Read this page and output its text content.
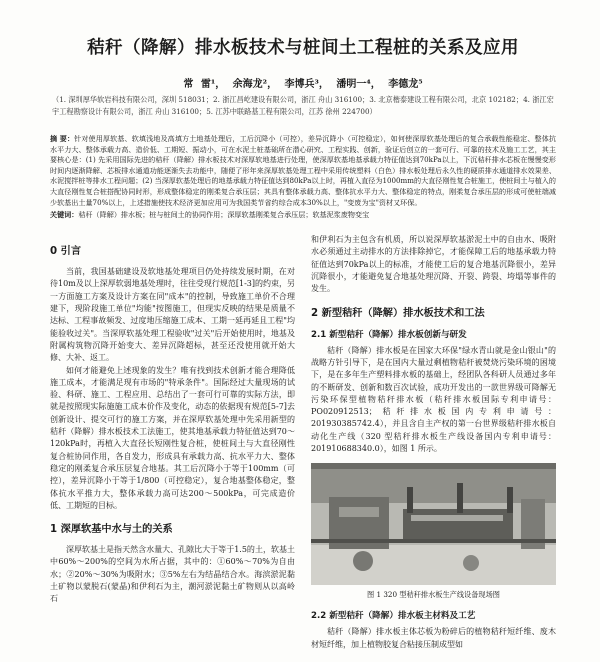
秸秆（降解）排水板技术与桩间土工程桩的关系及应用
常 雷¹， 余海龙²， 李博兵³， 潘明一⁴， 李德龙⁵
（1. 深圳厚华软岩科技有限公司，深圳 518031；2. 浙江昌屹建设有限公司，浙江 舟山 316100；3. 北京楷泰建设工程有限公司，北京 102182；4. 浙江宏宇工程勘察设计有限公司，浙江 舟山 316100；5. 江苏中联路基工程有限公司，江苏 徐州 224700）
摘 要：针对使用厚软基、软填浅地及高填方土地基处理后，工后沉降小（可控），差异沉降小（可控稳定），如何使深厚软基处理后的复合承载性能稳定、整体抗水平力大、整体承载力高、造价低、工期短、振动小，可在水泥土桩基础所在潜心研究、工程实践、创新，验证后创立的一套可行、可靠的技术及施工工艺，其主要核心是：(1) 先采用国际先进的秸秆（降解）排水板技术对深厚软地基进行处理，使深厚软基地基承载力特征值达到70kPa以上，下沉秸秆排水芯板在慢慢变形时间内逐渐降解、芯板排水通道功能逐渐失去功能中，随便了形年来深厚软基处理工程中采用传统塑料（白色）排水板处理后永久性的硬质排水通道排水效果差、水泥搅拌桩等排水工程问题；(2) 当深厚软基处理后的地基承载力特征值达到80kPa以上时，再植入直径为1000mm的大直径刚性复合桩施工，使桩间土与植入的大直径刚性复合桩搭配协同时形，形成整体稳定的刚柔复合承压层；其具有整体承载力高、整体抗水平力大、整体稳定的特点，刚柔复合承压层的形成可使桩端减少软基出土量70%以上，上述措施使技术经济更加应用可为我国类节省约综合成本30%以上，"变废为宝"资材又环保。
关键词：秸秆（降解）排水板；桩与桩间土的协同作用；深厚软基刚柔复合承压层；软基泥浆废物变宝
0 引言

当前，我国基础建设及软地基处理项目仍处持续发展时期，在对待10m及以上深厚软弱地基处理时，往往受现行规范[1-3]的约束，另一方面施工方案及设计方案在同"成本"的控制，导致施工单价不合理建下，现阶段施工单位"均能"按图施工，但现实反映的结果是质量不达标、工程事故频发、过度地压缩施工成本、工期一延再延且工程"均能验收过关"。当深厚软基处理工程验收"过关"后开始使用时，地基及附属构筑物沉降开始变大、差异沉降超标，甚至还没使用就开始大修、大补、返工。

如何才能避免上述现象的发生？唯有找到技术创新才能合理降低施工成本，才能满足现有市场的"特承条件"。国际经过大量现场的试验、科研、施工、工程应用、总结出了一套可行可靠的实际方法，即就是按照现实际施施工成本价作及变化，动态的依据现有规范[5-7]去创新设计、提交可行的施工方案，并在深厚软基处理中先采用新型的秸秆（降解）排水板技术工法施工，使其地基承载力特征值达到70～120kPa时，再植入大直径长短刚性复合桩，使桩间土与大直径刚性复合桩协同作用，各自发力，形成具有承载力高、抗水平力大、整体稳定的刚柔复合承压层复合地基。其工后沉降小于等于100mm（可控），差异沉降小于等于1/800（可控稳定），复合地基整体稳定，整体抗水平推力大，整体承载力高可达200～500kPa，可完成造价低、工期短的目标。

1 深厚软基中水与土的关系

深厚软基土是指天然含水量大、孔隙比大于等于1.5的土，软基土中60%～200%的空间为水所占据，其中的：①60%～70%为自由水；②20%～30%为吸附水；③5%左右为结晶结合水。海滨淤泥黏土矿物以蒙脱石(蒙晶)和伊利石为主，潮河淤泥黏土矿物则从以高岭石

和伊利石为主包含有机质，所以说深厚软基淤泥土中的自由水、吸附水必须通过主动排水的方法排除掉它，才能保障工后的地基承载力特征值达到70kPa以上的标准，才能使工后的复合地基沉降很小，差异沉降很小，才能避免复合地基处理沉降、开裂、跨裂、垮塌等事件的发生。

2 新型秸秆（降解）排水板技术和工法
2.1 新型秸秆（降解）排水板创新与研发

秸秆（降解）排水板是在国家大环保"绿水青山就是金山银山"的战略方针引导下，是在国内大量过剩植物秸秆被焚烧污染环境的困境下，是在多年生产塑料排水板的基础上，经团队各科研人员通过多年的不断研发、创新和数百次试验，成功开发出的一款世界级可降解无污染环保型植物秸秆排水板（秸秆排水板国际专利申请号：PO020912513；秸秆排水板国内专利申请号：201930385742.4），并且含自主产权的第一台世界级秸秆排水板自动化生产线（320 型秸秆排水板生产线设备国内专利申请号：201910688340.0），如图 1 所示。

图 1 320 型秸秆排水板生产线设备现场图
2.2 新型秸秆（降解）排水板主材料及工艺

秸秆（降解）排水板主体芯板为粉碎后的植物秸秆短纤维、废木材短纤维，加上植物胶复合粘接压制成型如
